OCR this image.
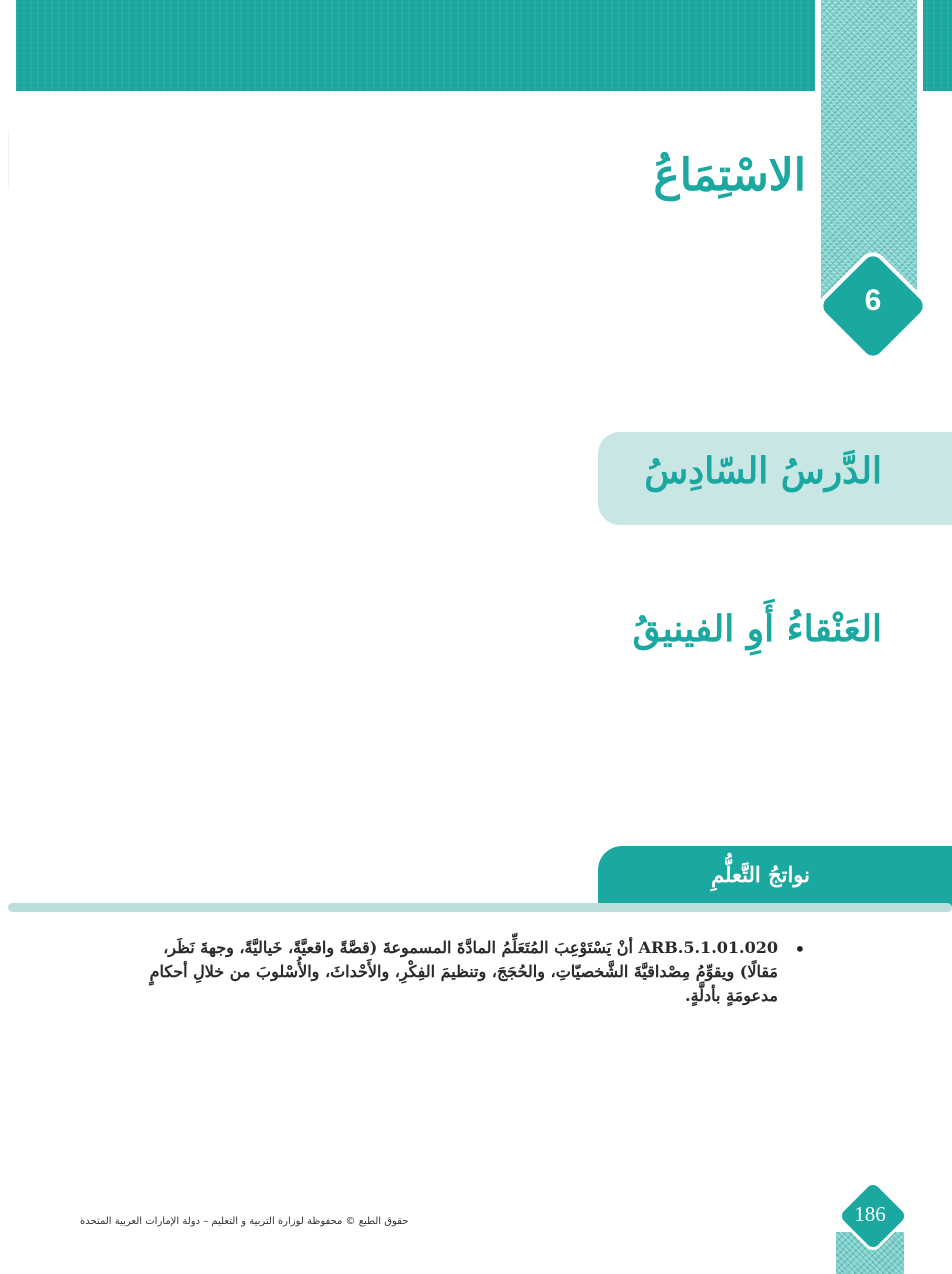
6
الاسْتِمَاعُ
الدَّرسُ السّادِسُ
العَنْقاءُ أَوِ الفينيقُ
نواتجُ التَّعلُّمِ
•
ARB.5.1.01.020 أنْ يَسْتَوْعِبَ المُتَعَلِّمُ المادَّةَ المسموعةَ (قصَّةً واقعيَّةً، خَياليَّةً، وجهةَ نَظَر، مَقالًا) ويقوِّمُ مِصْداقيَّةَ الشَّخصيّاتِ، والحُجَجَ، وتنظيمَ الفِكْرِ، والأَحْداثَ، والأُسْلوبَ من خلالِ أحكامٍ مدعومَةٍ بأدلَّةٍ.
حقوق الطبع © محفوظة لوزارة التربية و التعليم – دولة الإمارات العربية المتحدة	186
